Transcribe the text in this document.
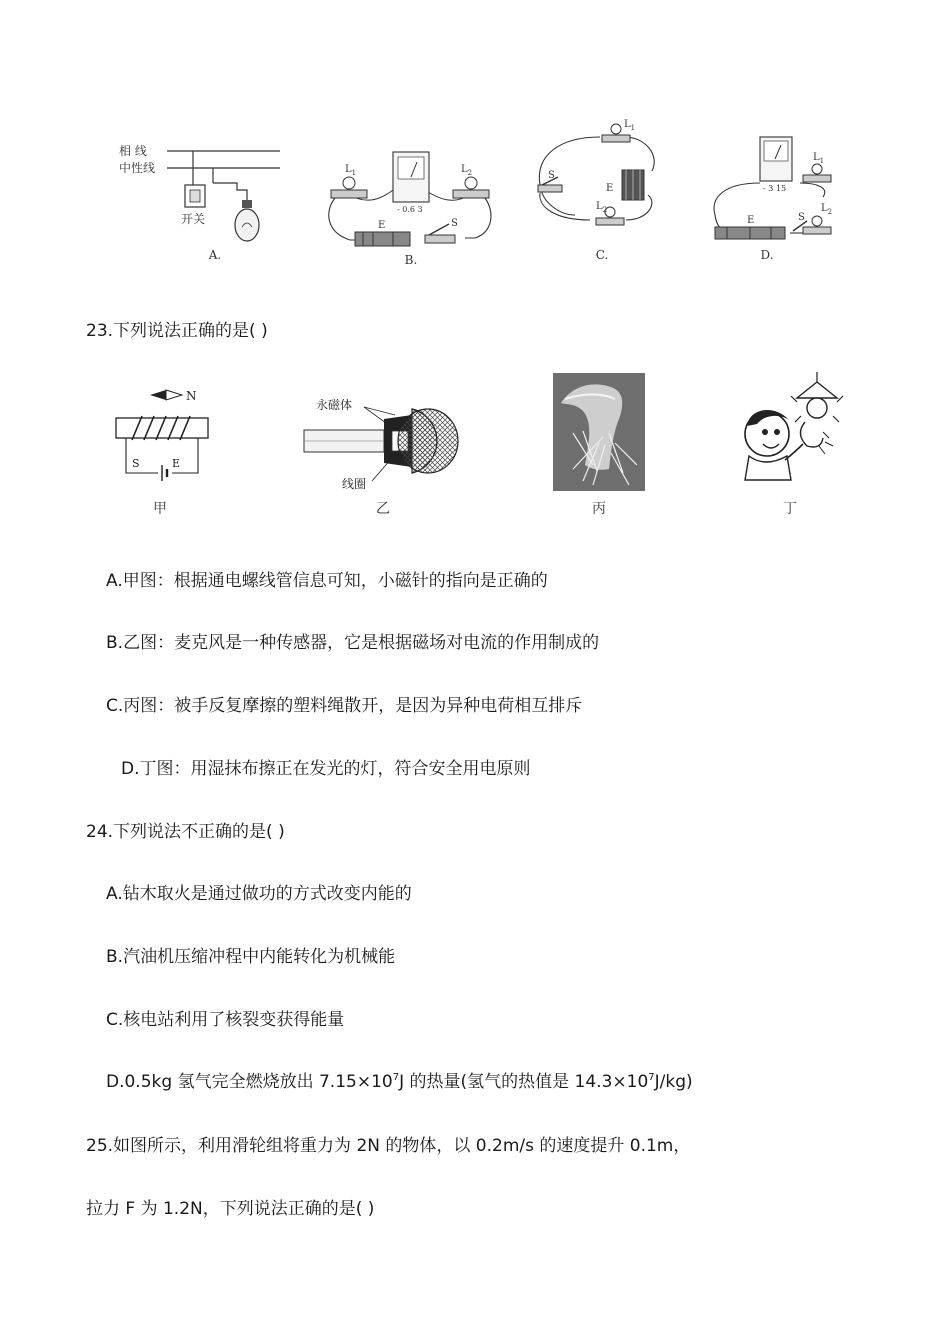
相 线
中性线
开关
A.
$L_1$	$L_2$
- 0.6 3
E	S
B.
$L_1$
$L_2$
E
S
C.
- 3 15
$L_1$
$L_2$
E	S
D.
23.下列说法正确的是( )
N
S	E
甲
永磁体
线圈
乙	丙	丁
A.甲图：根据通电螺线管信息可知，小磁针的指向是正确的
B.乙图：麦克风是一种传感器，它是根据磁场对电流的作用制成的
C.丙图：被手反复摩擦的塑料绳散开，是因为异种电荷相互排斥
D.丁图：用湿抹布擦正在发光的灯，符合安全用电原则
24.下列说法不正确的是( )
A.钻木取火是通过做功的方式改变内能的
B.汽油机压缩冲程中内能转化为机械能
C.核电站利用了核裂变获得能量
D.0.5kg 氢气完全燃烧放出 $7.15\times 10^7J$ 的热量(氢气的热值是 $14.3\times 10^7J/kg$)
25.如图所示，利用滑轮组将重力为 2N 的物体，以 0.2m/s 的速度提升 0.1m，
拉力 F 为 1.2N，下列说法正确的是( )
